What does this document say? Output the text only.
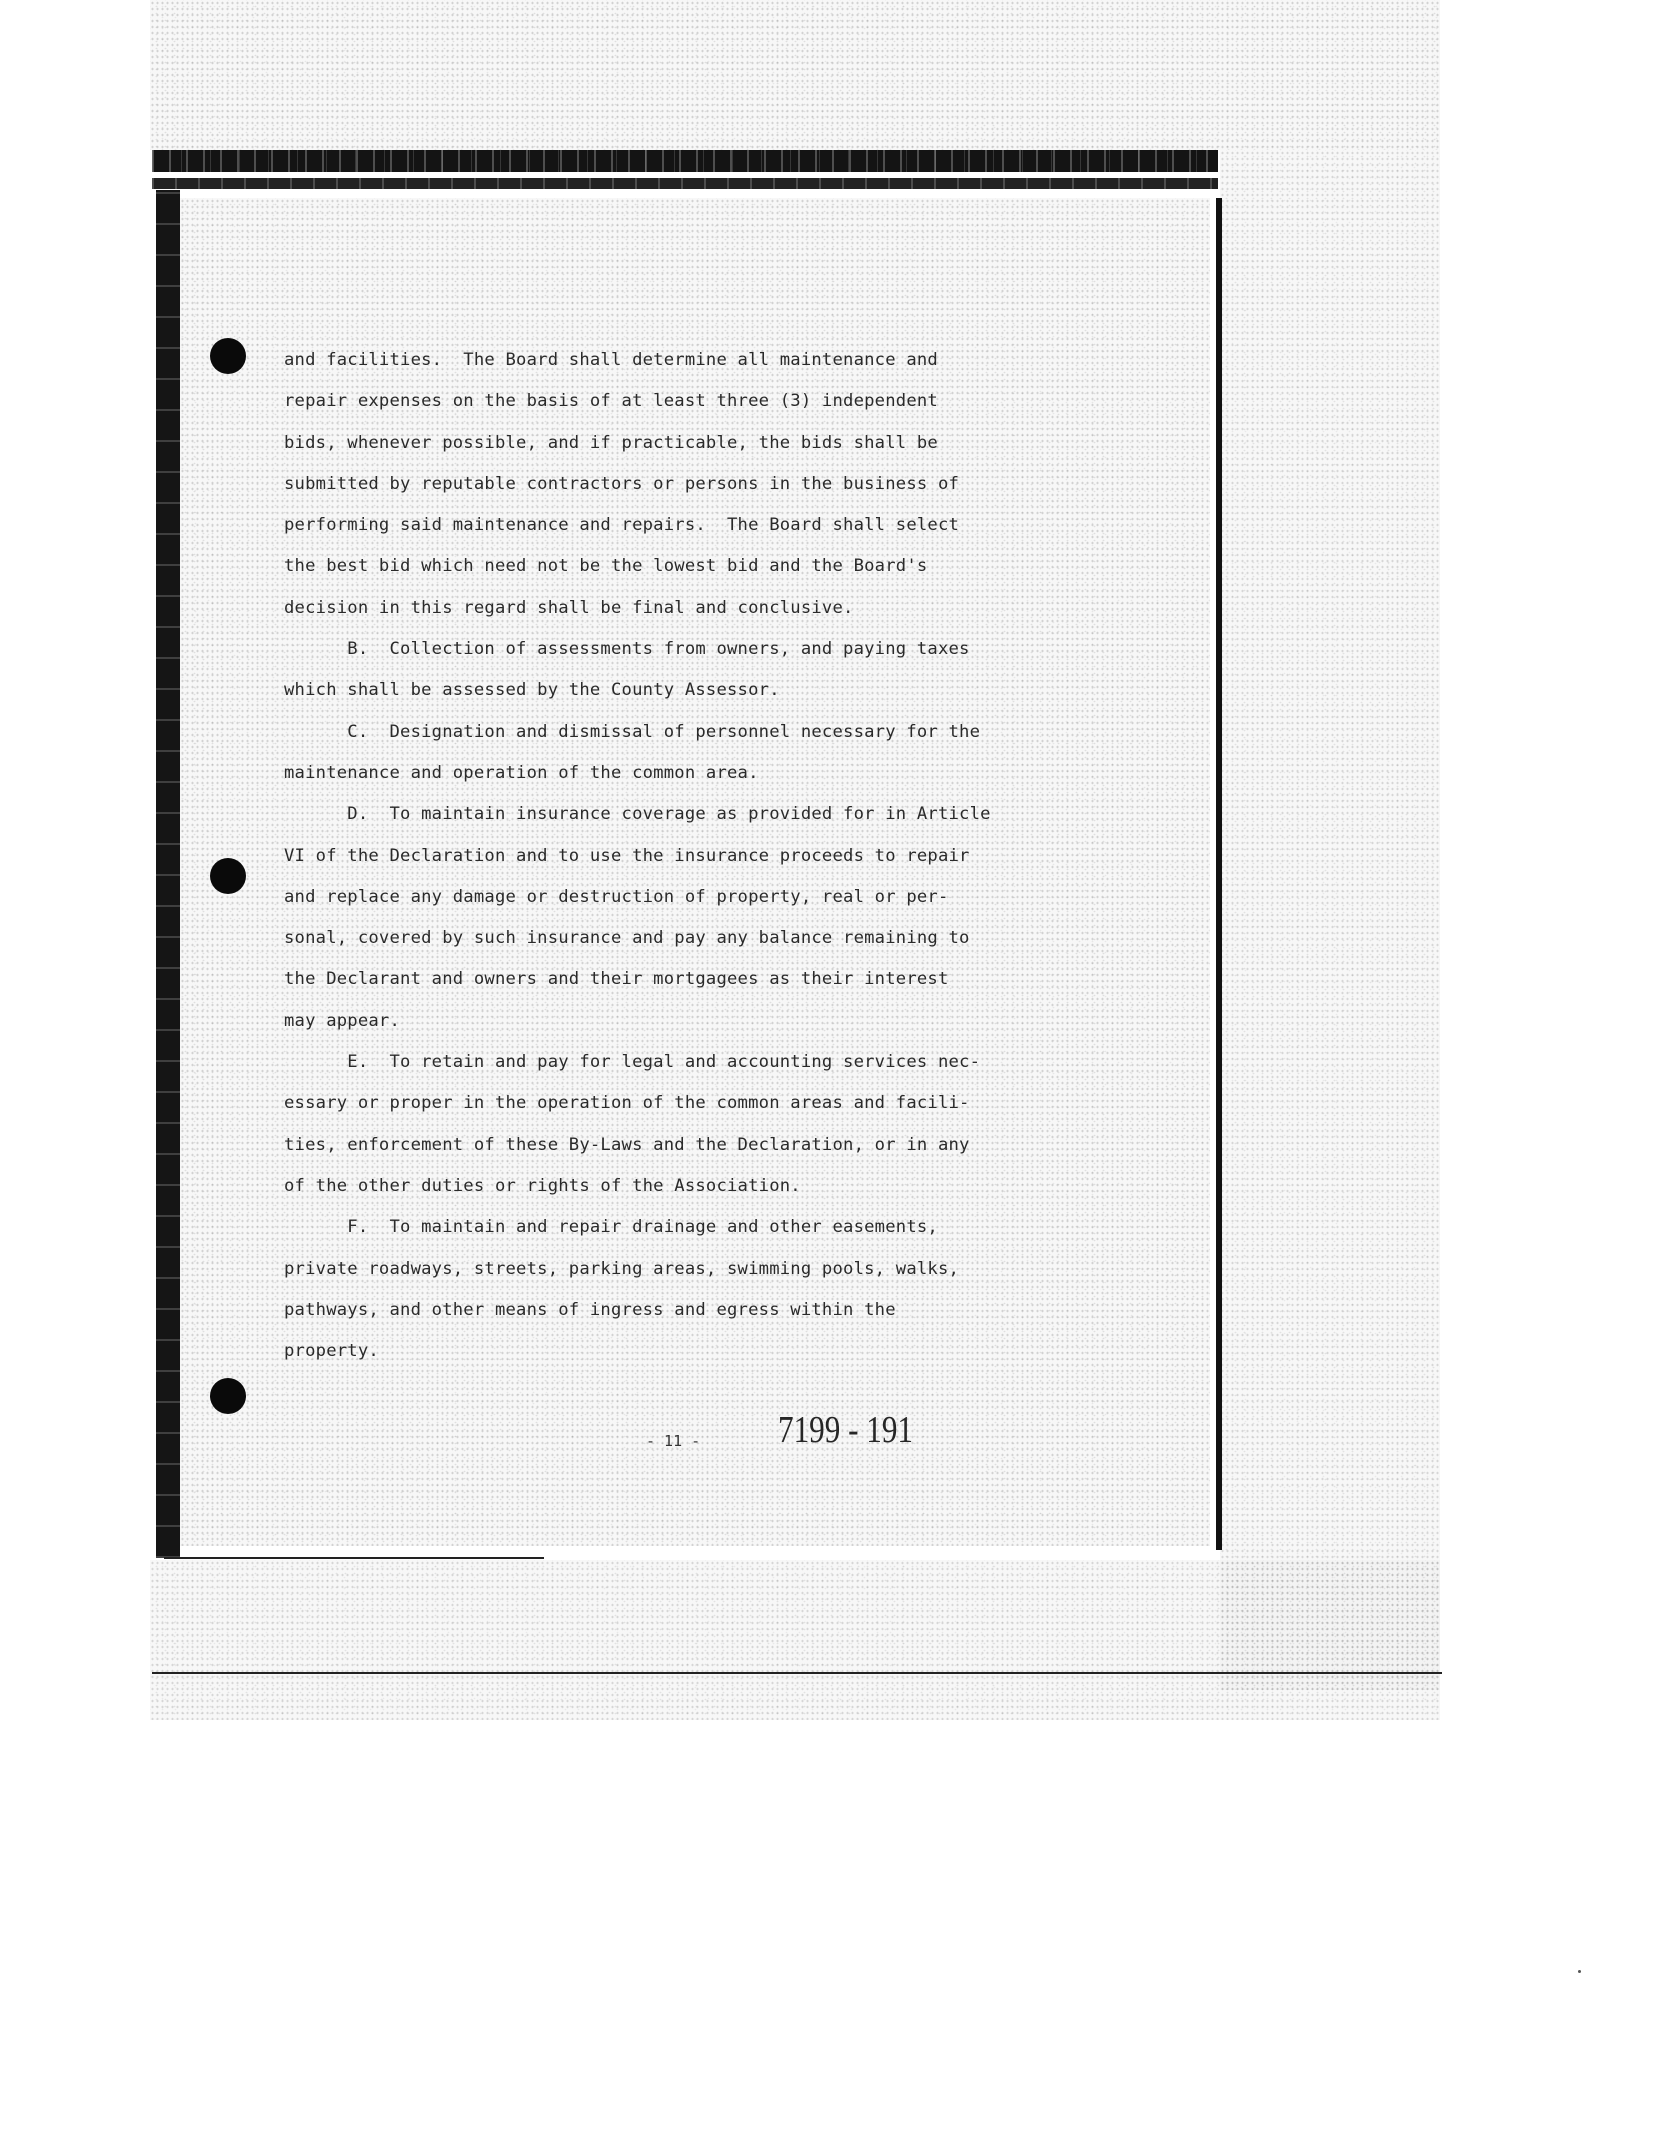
and facilities.  The Board shall determine all maintenance and
repair expenses on the basis of at least three (3) independent
bids, whenever possible, and if practicable, the bids shall be
submitted by reputable contractors or persons in the business of
performing said maintenance and repairs.  The Board shall select
the best bid which need not be the lowest bid and the Board's
decision in this regard shall be final and conclusive.
B.  Collection of assessments from owners, and paying taxes
which shall be assessed by the County Assessor.
C.  Designation and dismissal of personnel necessary for the
maintenance and operation of the common area.
D.  To maintain insurance coverage as provided for in Article
VI of the Declaration and to use the insurance proceeds to repair
and replace any damage or destruction of property, real or per-
sonal, covered by such insurance and pay any balance remaining to
the Declarant and owners and their mortgagees as their interest
may appear.
E.  To retain and pay for legal and accounting services nec-
essary or proper in the operation of the common areas and facili-
ties, enforcement of these By-Laws and the Declaration, or in any
of the other duties or rights of the Association.
F.  To maintain and repair drainage and other easements,
private roadways, streets, parking areas, swimming pools, walks,
pathways, and other means of ingress and egress within the
property.
- 11 - 7199 - 191
